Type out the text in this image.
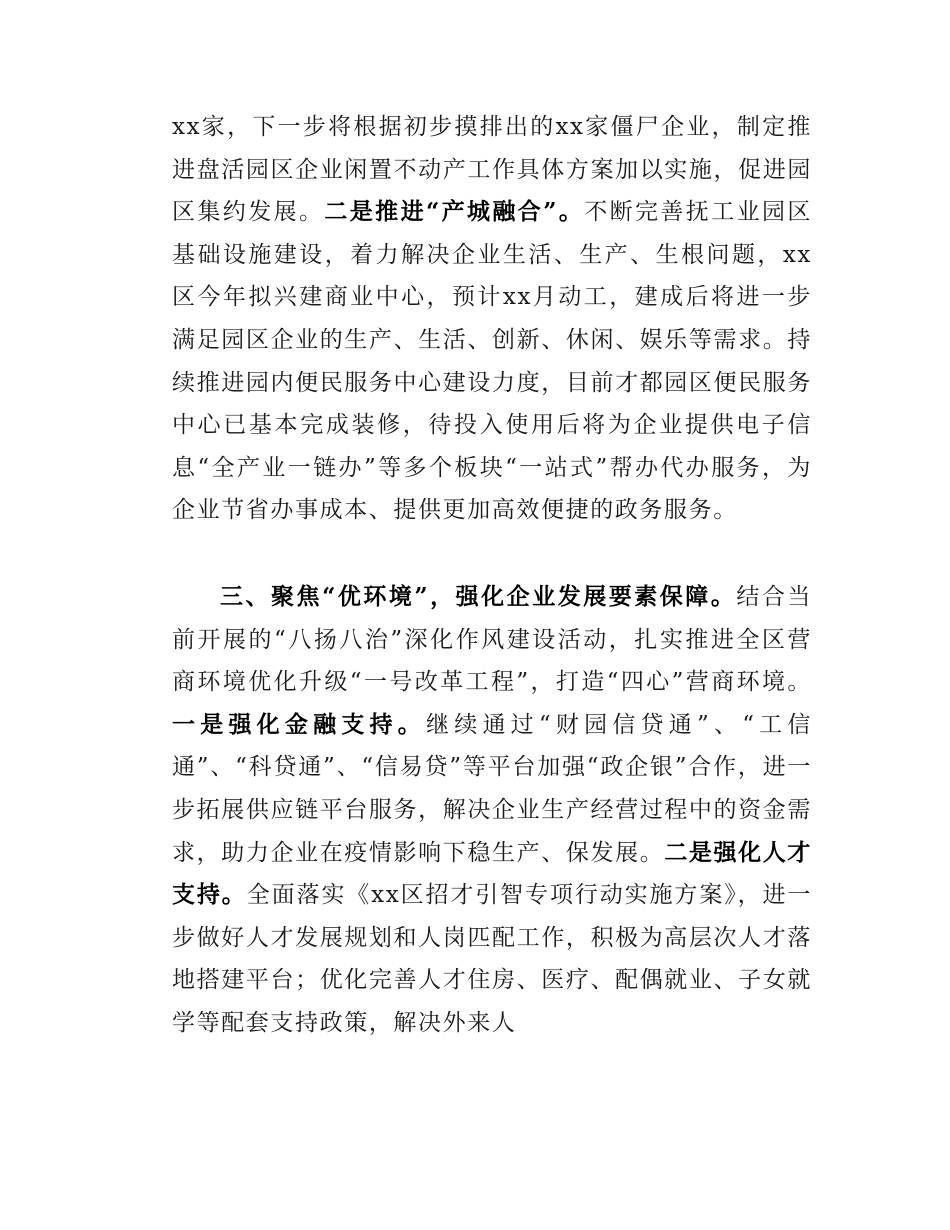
xx家，下一步将根据初步摸排出的xx家僵尸企业，制定推进盘活园区企业闲置不动产工作具体方案加以实施，促进园区集约发展。二是推进“产城融合”。不断完善抚工业园区基础设施建设，着力解决企业生活、生产、生根问题，xx区今年拟兴建商业中心，预计xx月动工，建成后将进一步满足园区企业的生产、生活、创新、休闲、娱乐等需求。持续推进园内便民服务中心建设力度，目前才都园区便民服务中心已基本完成装修，待投入使用后将为企业提供电子信息“全产业一链办”等多个板块“一站式”帮办代办服务，为企业节省办事成本、提供更加高效便捷的政务服务。

三、聚焦“优环境”，强化企业发展要素保障。结合当前开展的“八扬八治”深化作风建设活动，扎实推进全区营商环境优化升级“一号改革工程”，打造“四心”营商环境。一是强化金融支持。继续通过“财园信贷通”、“工信通”、“科贷通”、“信易贷”等平台加强“政企银”合作，进一步拓展供应链平台服务，解决企业生产经营过程中的资金需求，助力企业在疫情影响下稳生产、保发展。二是强化人才支持。全面落实《xx区招才引智专项行动实施方案》，进一步做好人才发展规划和人岗匹配工作，积极为高层次人才落地搭建平台；优化完善人才住房、医疗、配偶就业、子女就学等配套支持政策，解决外来人
